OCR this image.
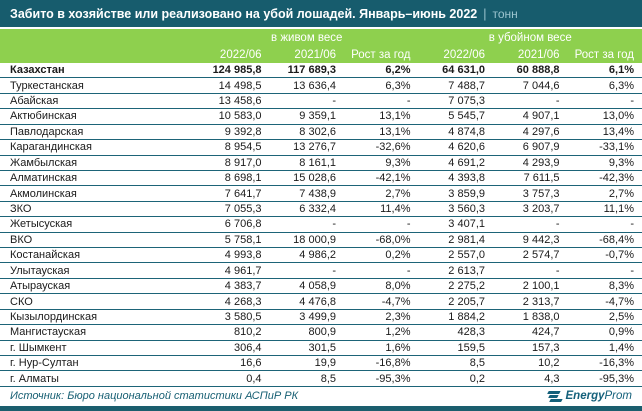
Забито в хозяйстве или реализовано на убой лошадей. Январь–июнь 2022 | тонн
в живом весе	в убойном весе
2022/06	2021/06	Рост за год	2022/06	2021/06	Рост за год
Казахстан	124 985,8	117 689,3	6,2%	64 631,0	60 888,8	6,1%
Туркестанская	14 498,5	13 636,4	6,3%	7 488,7	7 044,6	6,3%
Абайская	13 458,6	-	-	7 075,3	-	-
Актюбинская	10 583,0	9 359,1	13,1%	5 545,7	4 907,1	13,0%
Павлодарская	9 392,8	8 302,6	13,1%	4 874,8	4 297,6	13,4%
Карагандинская	8 954,5	13 276,7	-32,6%	4 620,6	6 907,9	-33,1%
Жамбылская	8 917,0	8 161,1	9,3%	4 691,2	4 293,9	9,3%
Алматинская	8 698,1	15 028,6	-42,1%	4 393,8	7 611,5	-42,3%
Акмолинская	7 641,7	7 438,9	2,7%	3 859,9	3 757,3	2,7%
ЗКО	7 055,3	6 332,4	11,4%	3 560,3	3 203,7	11,1%
Жетысуская	6 706,8	-	-	3 407,1	-	-
ВКО	5 758,1	18 000,9	-68,0%	2 981,4	9 442,3	-68,4%
Костанайская	4 993,8	4 986,2	0,2%	2 557,0	2 574,7	-0,7%
Улытауская	4 961,7	-	-	2 613,7	-	-
Атырауская	4 383,7	4 058,9	8,0%	2 275,2	2 100,1	8,3%
СКО	4 268,3	4 476,8	-4,7%	2 205,7	2 313,7	-4,7%
Кызылординская	3 580,5	3 499,9	2,3%	1 884,2	1 838,0	2,5%
Мангистауская	810,2	800,9	1,2%	428,3	424,7	0,9%
г. Шымкент	306,4	301,5	1,6%	159,5	157,3	1,4%
г. Нур-Султан	16,6	19,9	-16,8%	8,5	10,2	-16,3%
г. Алматы	0,4	8,5	-95,3%	0,2	4,3	-95,3%
Источник: Бюро национальной статистики АСПиР РК	EnergyProm
